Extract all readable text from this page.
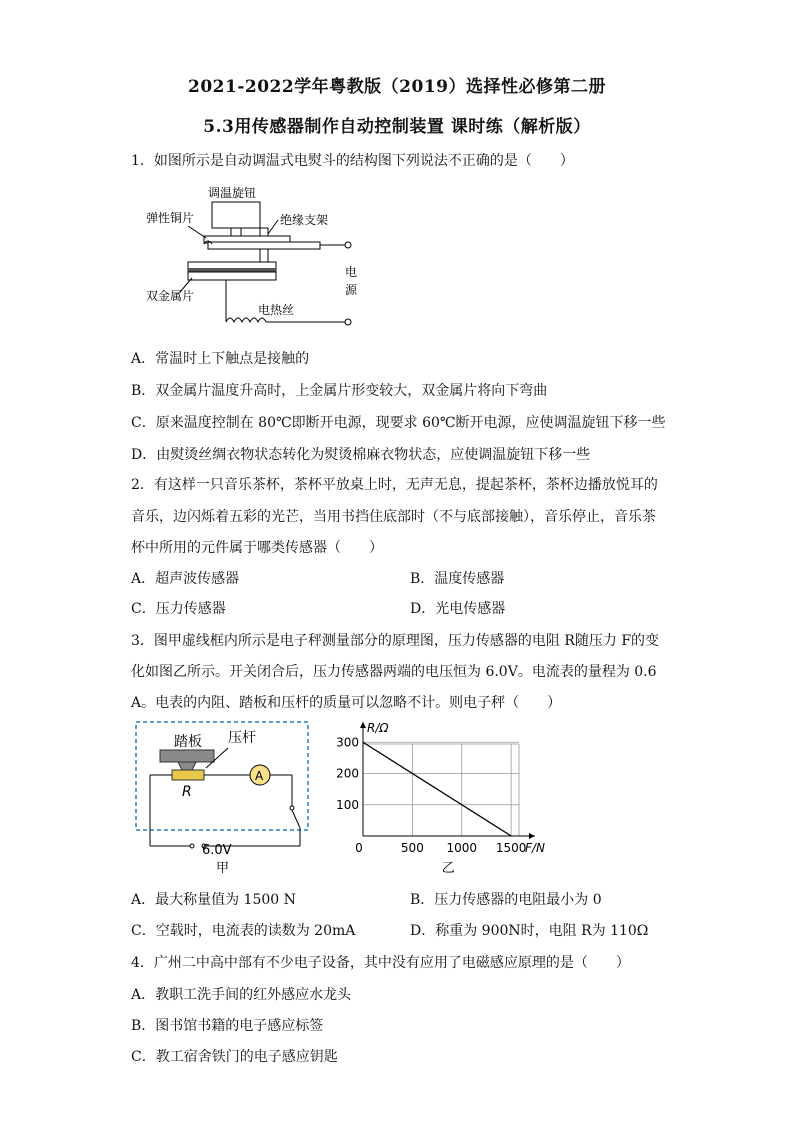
2021-2022学年粤教版（2019）选择性必修第二册
5.3用传感器制作自动控制装置 课时练（解析版）
1．如图所示是自动调温式电熨斗的结构图下列说法不正确的是（　　）
调温旋钮
绝缘支架
弹性铜片
双金属片
电热丝
电
源
A．常温时上下触点是接触的
B．双金属片温度升高时，上金属片形变较大，双金属片将向下弯曲
C．原来温度控制在 80℃即断开电源，现要求 60℃断开电源，应使调温旋钮下移一些
D．由熨烫丝绸衣物状态转化为熨烫棉麻衣物状态，应使调温旋钮下移一些
2．有这样一只音乐茶杯，茶杯平放桌上时，无声无息，提起茶杯，茶杯边播放悦耳的
音乐，边闪烁着五彩的光芒，当用书挡住底部时（不与底部接触），音乐停止，音乐茶
杯中所用的元件属于哪类传感器（　　）
A．超声波传感器	B．温度传感器
C．压力传感器	D．光电传感器
3．图甲虚线框内所示是电子秤测量部分的原理图，压力传感器的电阻 R随压力 F的变
化如图乙所示。开关闭合后，压力传感器两端的电压恒为 6.0V。电流表的量程为 0.6
A。电表的内阻、踏板和压杆的质量可以忽略不计。则电子秤（　　）
踏板 压杆
R
A
6.0V
甲
0	500 1000 1500
100
200
300
R/Ω
F/N
乙
A．最大称量值为 1500 N	B．压力传感器的电阻最小为 0
C．空载时，电流表的读数为 20mA	D．称重为 900N时，电阻 R为 110Ω
4．广州二中高中部有不少电子设备，其中没有应用了电磁感应原理的是（　　）
A．教职工洗手间的红外感应水龙头
B．图书馆书籍的电子感应标签
C．教工宿舍铁门的电子感应钥匙
